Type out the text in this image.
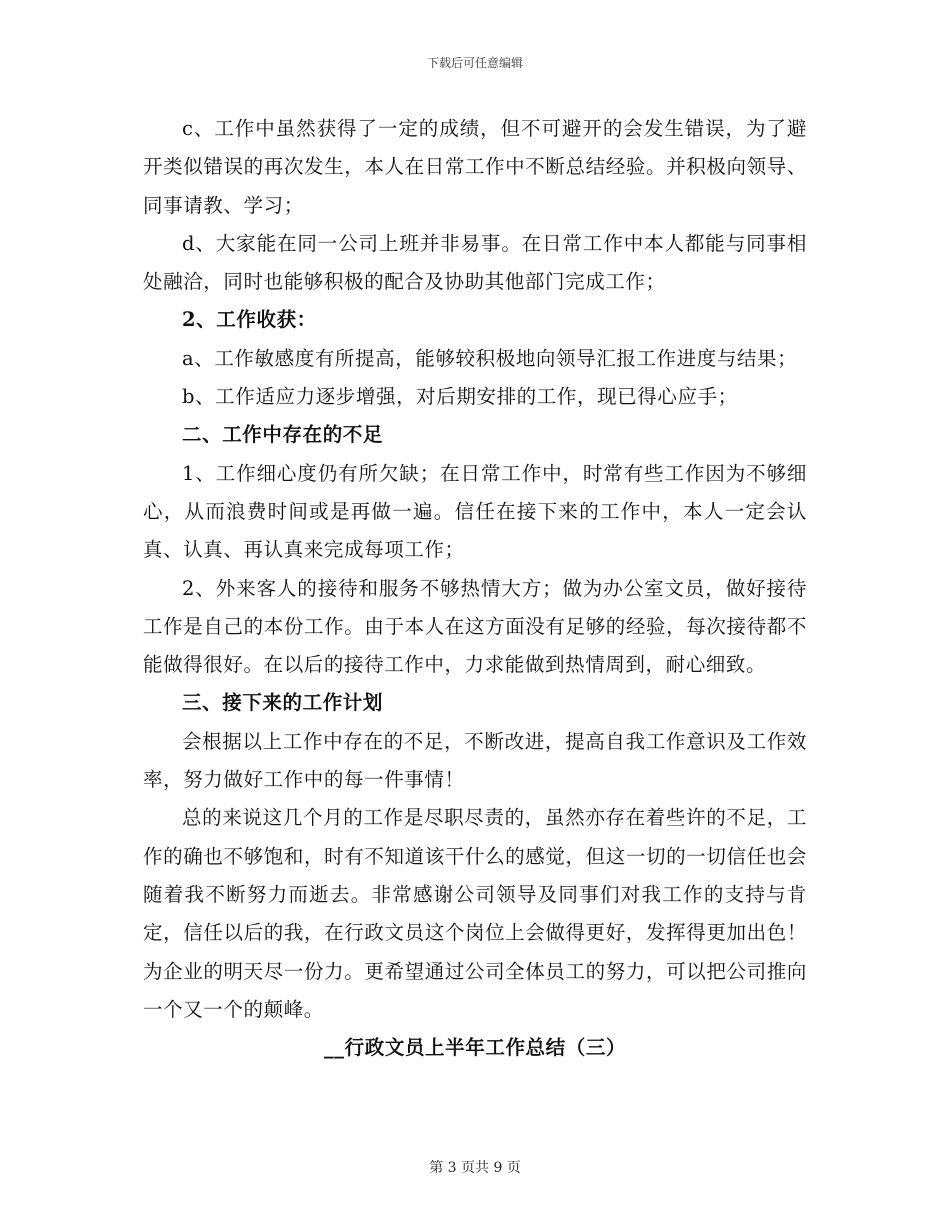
下载后可任意编辑

c、工作中虽然获得了一定的成绩，但不可避开的会发生错误，为了避开类似错误的再次发生，本人在日常工作中不断总结经验。并积极向领导、同事请教、学习；

d、大家能在同一公司上班并非易事。在日常工作中本人都能与同事相处融洽，同时也能够积极的配合及协助其他部门完成工作；

2、工作收获：

a、工作敏感度有所提高，能够较积极地向领导汇报工作进度与结果；

b、工作适应力逐步增强，对后期安排的工作，现已得心应手；

二、工作中存在的不足

1、工作细心度仍有所欠缺；在日常工作中，时常有些工作因为不够细心，从而浪费时间或是再做一遍。信任在接下来的工作中，本人一定会认真、认真、再认真来完成每项工作；

2、外来客人的接待和服务不够热情大方；做为办公室文员，做好接待工作是自己的本份工作。由于本人在这方面没有足够的经验，每次接待都不能做得很好。在以后的接待工作中，力求能做到热情周到，耐心细致。

三、接下来的工作计划

会根据以上工作中存在的不足，不断改进，提高自我工作意识及工作效率，努力做好工作中的每一件事情！

总的来说这几个月的工作是尽职尽责的，虽然亦存在着些许的不足，工作的确也不够饱和，时有不知道该干什么的感觉，但这一切的一切信任也会随着我不断努力而逝去。非常感谢公司领导及同事们对我工作的支持与肯定，信任以后的我，在行政文员这个岗位上会做得更好，发挥得更加出色！为企业的明天尽一份力。更希望通过公司全体员工的努力，可以把公司推向一个又一个的颠峰。

__行政文员上半年工作总结（三）

第 3 页共 9 页
